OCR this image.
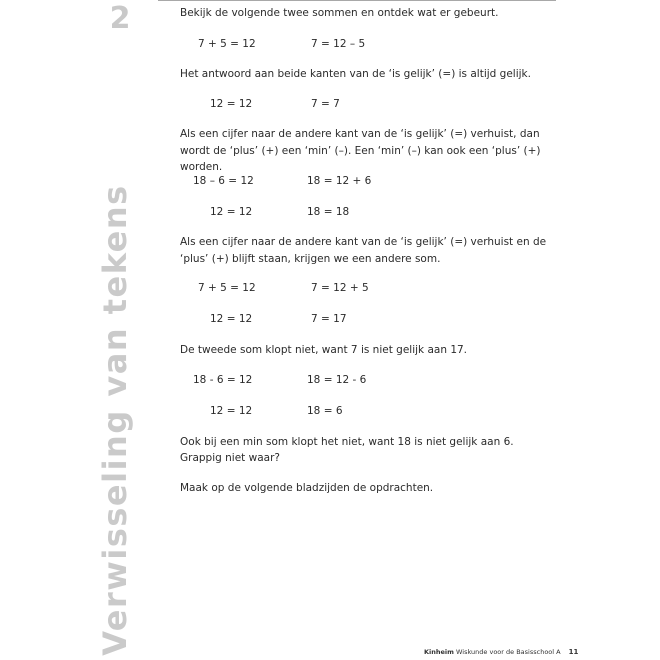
2
Verwisseling van tekens

Bekijk de volgende twee sommen en ontdek wat er gebeurt.

7 + 5 = 12	7 = 12 – 5

Het antwoord aan beide kanten van de ‘is gelijk’ (=) is altijd gelijk.

12 = 12	7 = 7

Als een cijfer naar de andere kant van de ‘is gelijk’ (=) verhuist, dan wordt de ‘plus’ (+) een ‘min’ (–). Een ‘min’ (–) kan ook een ‘plus’ (+) worden.

18 – 6 = 12	18 = 12 + 6
12 = 12	18 = 18

Als een cijfer naar de andere kant van de ‘is gelijk’ (=) verhuist en de ‘plus’ (+) blijft staan, krijgen we een andere som.

7 + 5 = 12	7 = 12 + 5
12 = 12	7 = 17

De tweede som klopt niet, want 7 is niet gelijk aan 17.

18 - 6 = 12	18 = 12 - 6
12 = 12	18 = 6

Ook bij een min som klopt het niet, want 18 is niet gelijk aan 6.

Grappig niet waar?

Maak op de volgende bladzijden de opdrachten.

Kinheim Wiskunde voor de Basisschool A 11
